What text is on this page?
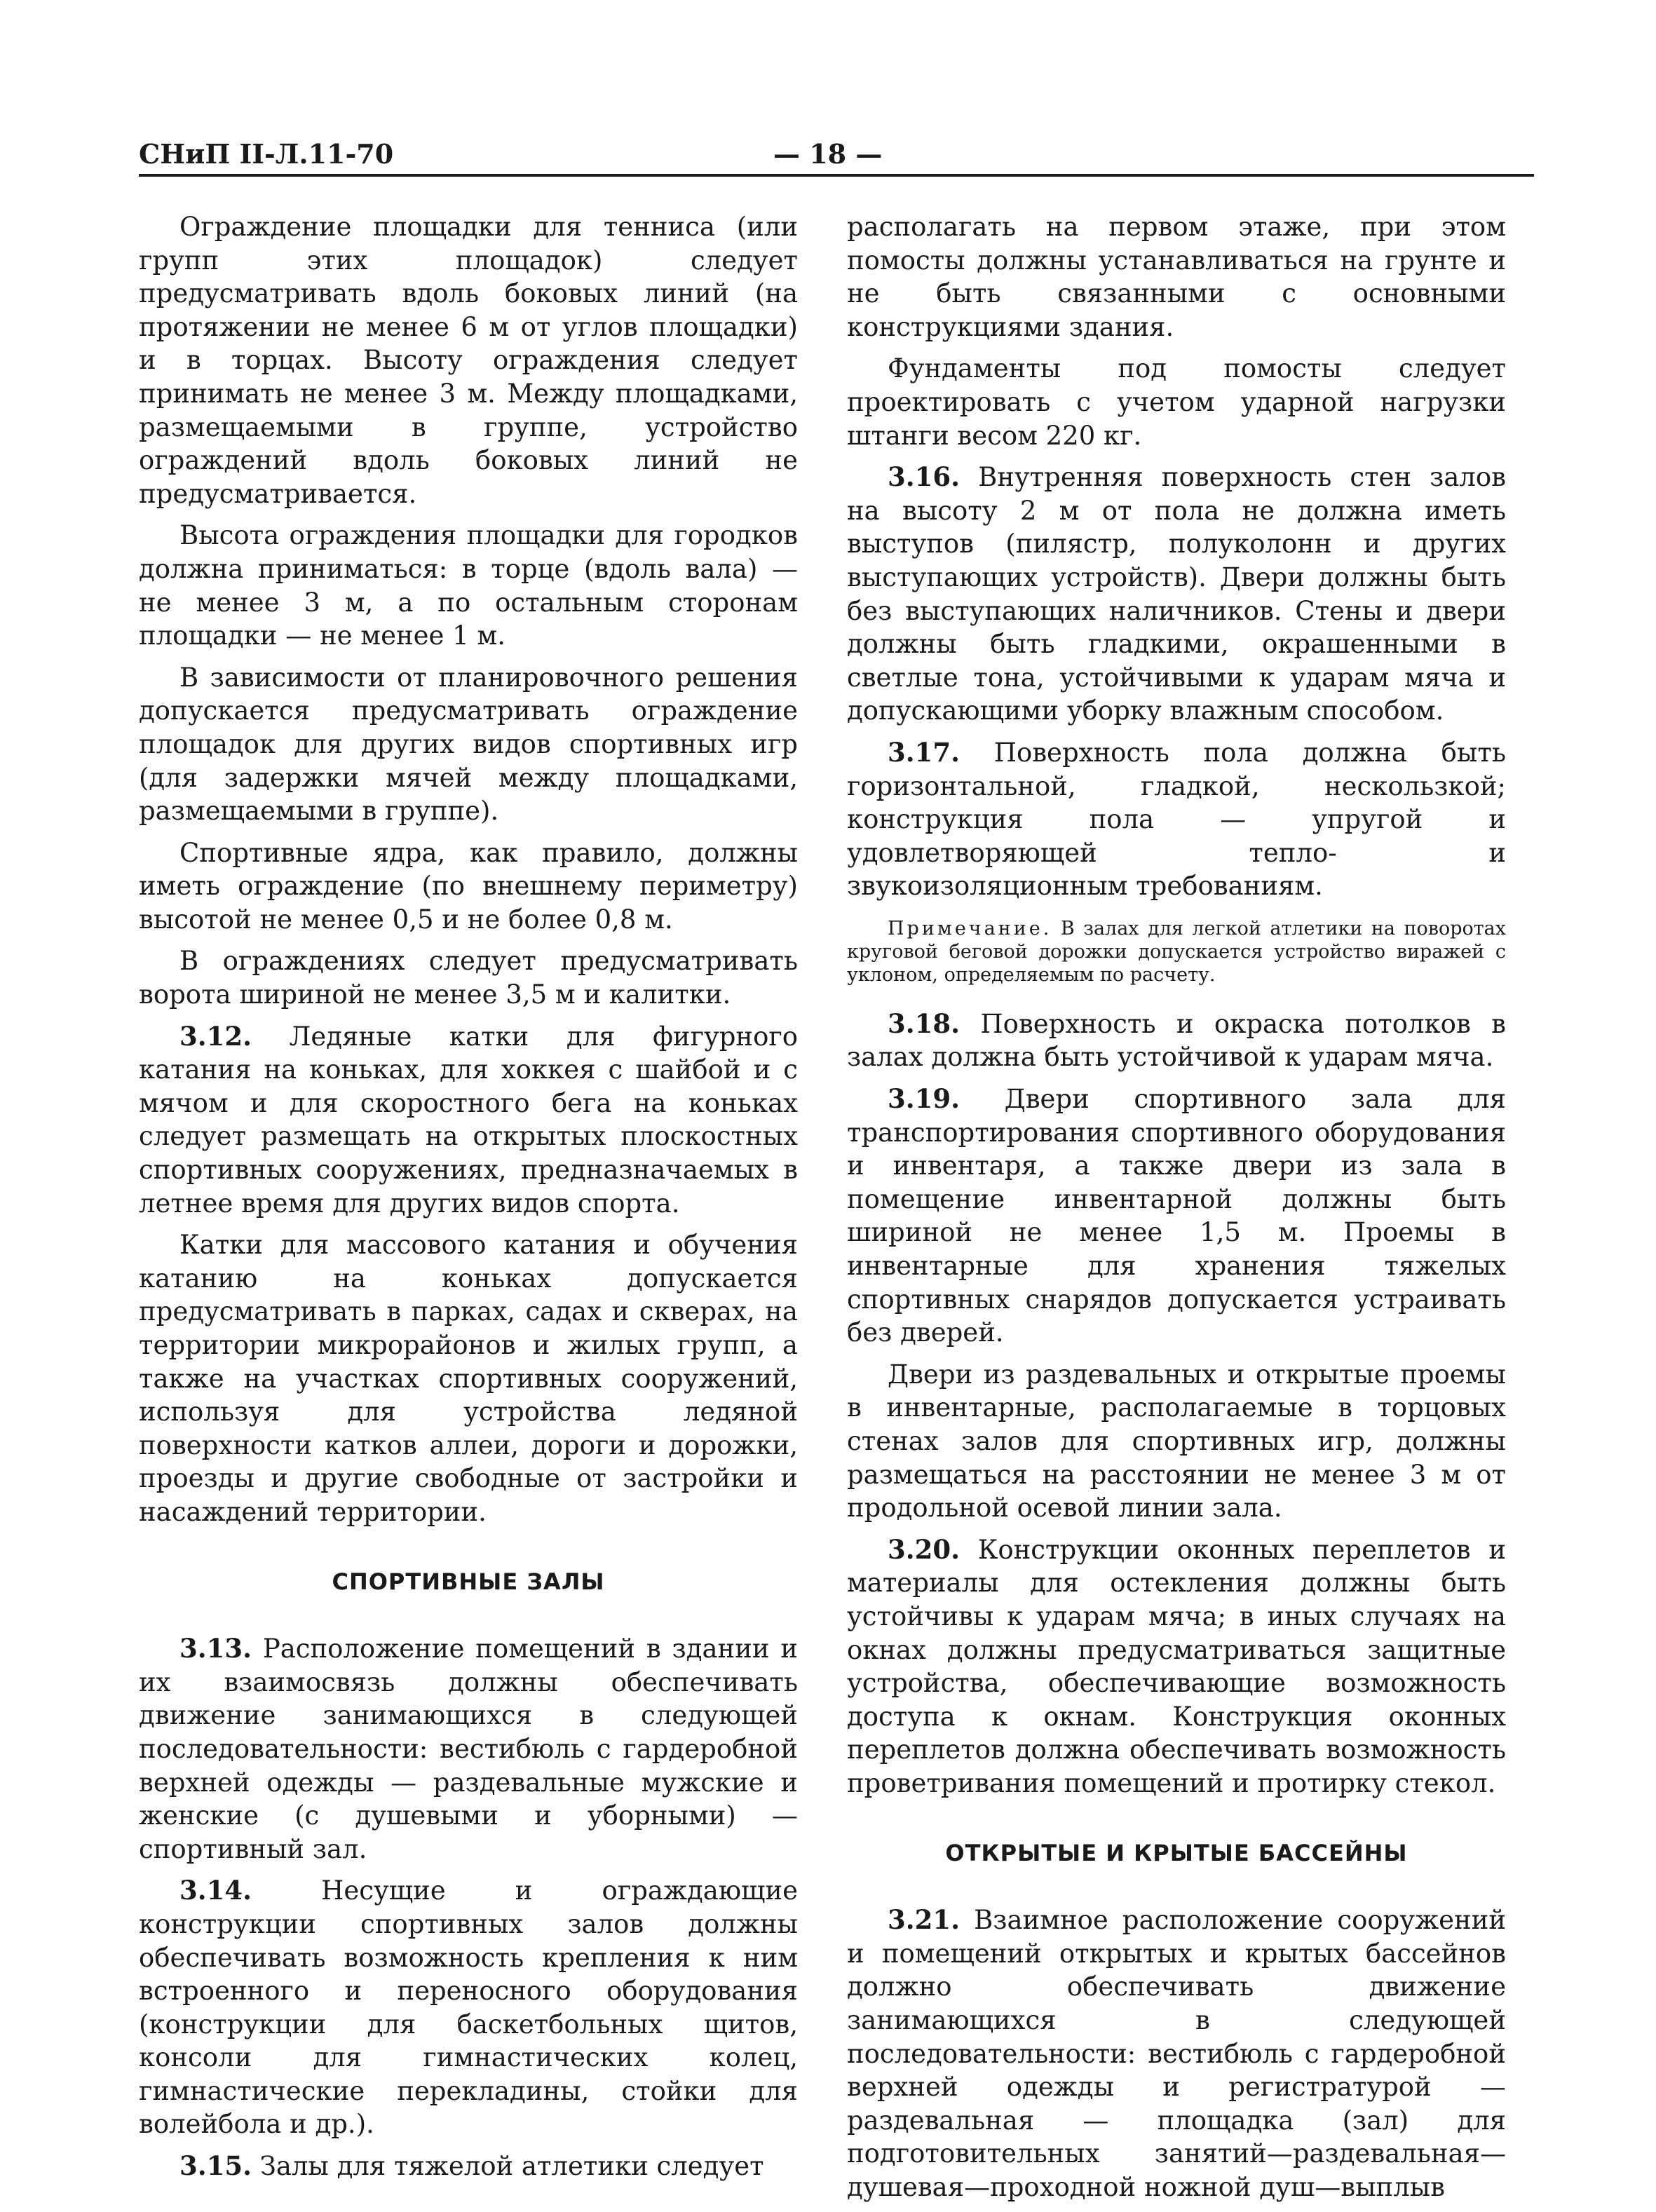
СНиП II-Л.11-70	— 18 —

Ограждение площадки для тенниса (или групп этих площадок) следует предусматривать вдоль боковых линий (на протяжении не менее 6 м от углов площадки) и в торцах. Высоту ограждения следует принимать не менее 3 м. Между площадками, размещаемыми в группе, устройство ограждений вдоль боковых линий не предусматривается.

Высота ограждения площадки для городков должна приниматься: в торце (вдоль вала) — не менее 3 м, а по остальным сторонам площадки — не менее 1 м.

В зависимости от планировочного решения допускается предусматривать ограждение площадок для других видов спортивных игр (для задержки мячей между площадками, размещаемыми в группе).

Спортивные ядра, как правило, должны иметь ограждение (по внешнему периметру) высотой не менее 0,5 и не более 0,8 м.

В ограждениях следует предусматривать ворота шириной не менее 3,5 м и калитки.

3.12. Ледяные катки для фигурного катания на коньках, для хоккея с шайбой и с мячом и для скоростного бега на коньках следует размещать на открытых плоскостных спортивных сооружениях, предназначаемых в летнее время для других видов спорта.

Катки для массового катания и обучения катанию на коньках допускается предусматривать в парках, садах и скверах, на территории микрорайонов и жилых групп, а также на участках спортивных сооружений, используя для устройства ледяной поверхности катков аллеи, дороги и дорожки, проезды и другие свободные от застройки и насаждений территории.

СПОРТИВНЫЕ ЗАЛЫ

3.13. Расположение помещений в здании и их взаимосвязь должны обеспечивать движение занимающихся в следующей последовательности: вестибюль с гардеробной верхней одежды — раздевальные мужские и женские (с душевыми и уборными) — спортивный зал.

3.14.	Несущие и ограждающие конструкции спортивных залов должны обеспечивать возможность крепления к ним встроенного и переносного оборудования (конструкции для баскетбольных щитов, консоли для гимнастических колец, гимнастические перекладины, стойки для волейбола и др.).

3.15. Залы для тяжелой атлетики следует

располагать на первом этаже, при этом помосты должны устанавливаться на грунте и не быть связанными с основными конструкциями здания.

Фундаменты под помосты следует проектировать с учетом ударной нагрузки штанги весом 220 кг.

3.16. Внутренняя поверхность стен залов на высоту 2 м от пола не должна иметь выступов (пилястр, полуколонн и других выступающих устройств). Двери должны быть без выступающих наличников. Стены и двери должны быть гладкими, окрашенными в светлые тона, устойчивыми к ударам мяча и допускающими уборку влажным способом.

3.17. Поверхность пола должна быть горизонтальной, гладкой, нескользкой; конструкция пола — упругой и удовлетворяющей тепло- и звукоизоляционным требованиям.

Примечание. В залах для легкой атлетики на поворотах круговой беговой дорожки допускается устройство виражей с уклоном, определяемым по расчету.

3.18. Поверхность и окраска потолков в залах должна быть устойчивой к ударам мяча.

3.19. Двери спортивного зала для транспортирования спортивного оборудования и инвентаря, а также двери из зала в помещение инвентарной должны быть шириной не менее 1,5 м. Проемы в инвентарные для хранения тяжелых спортивных снарядов допускается устраивать без дверей.

Двери из раздевальных и открытые проемы в инвентарные, располагаемые в торцовых стенах залов для спортивных игр, должны размещаться на расстоянии не менее 3 м от продольной осевой линии зала.

3.20. Конструкции оконных переплетов и материалы для остекления должны быть устойчивы к ударам мяча; в иных случаях на окнах должны предусматриваться защитные устройства, обеспечивающие возможность доступа к окнам. Конструкция оконных переплетов должна обеспечивать возможность проветривания помещений и протирку стекол.

ОТКРЫТЫЕ И КРЫТЫЕ БАССЕЙНЫ

3.21. Взаимное расположение сооружений и помещений открытых и крытых бассейнов должно обеспечивать движение занимающихся в следующей последовательности: вестибюль с гардеробной верхней одежды и регистратурой — раздевальная — площадка (зал) для подготовительных занятий—раздевальная—душевая—проходной ножной душ—выплыв
